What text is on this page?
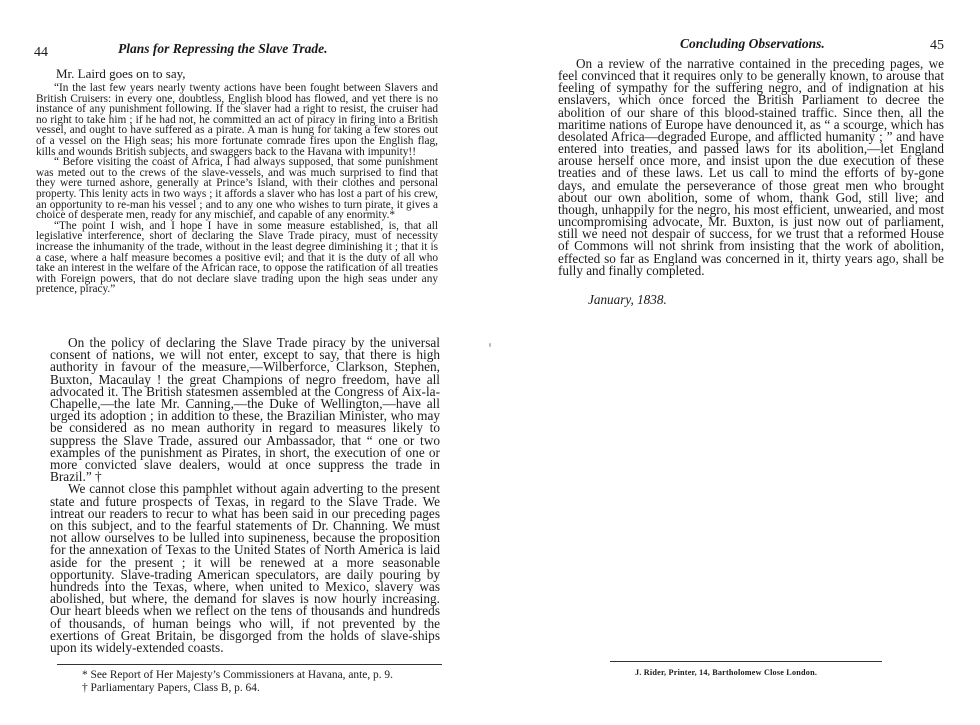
44	Plans for Repressing the Slave Trade.
Mr. Laird goes on to say,

“In the last few years nearly twenty actions have been fought between Slavers and British Cruisers: in every one, doubtless, English blood has flowed, and yet there is no instance of any punishment following. If the slaver had a right to resist, the cruiser had no right to take him ; if he had not, he committed an act of piracy in firing into a British vessel, and ought to have suffered as a pirate. A man is hung for taking a few stores out of a vessel on the High seas; his more fortunate comrade fires upon the English flag, kills and wounds British subjects, and swaggers back to the Havana with impunity!!

“ Before visiting the coast of Africa, I had always supposed, that some punishment was meted out to the crews of the slave-vessels, and was much surprised to find that they were turned ashore, generally at Prince’s Island, with their clothes and personal property. This lenity acts in two ways ; it affords a slaver who has lost a part of his crew, an opportunity to re-man his vessel ; and to any one who wishes to turn pirate, it gives a choice of desperate men, ready for any mischief, and capable of any enormity.*

“The point I wish, and I hope I have in some measure established, is, that all legislative interference, short of declaring the Slave Trade piracy, must of necessity increase the inhumanity of the trade, without in the least degree diminishing it ; that it is a case, where a half measure becomes a positive evil; and that it is the duty of all who take an interest in the welfare of the African race, to oppose the ratification of all treaties with Foreign powers, that do not declare slave trading upon the high seas under any pretence, piracy.”

On the policy of declaring the Slave Trade piracy by the universal consent of nations, we will not enter, except to say, that there is high authority in favour of the measure,—Wilberforce, Clarkson, Stephen, Buxton, Macaulay ! the great Champions of negro freedom, have all advocated it. The British statesmen assembled at the Congress of Aix-la-Chapelle,—the late Mr. Canning,—the Duke of Wellington,—have all urged its adoption ; in addition to these, the Brazilian Minister, who may be considered as no mean authority in regard to measures likely to suppress the Slave Trade, assured our Ambassador, that “ one or two examples of the punishment as Pirates, in short, the execution of one or more convicted slave dealers, would at once suppress the trade in Brazil.” †

We cannot close this pamphlet without again adverting to the present state and future prospects of Texas, in regard to the Slave Trade. We intreat our readers to recur to what has been said in our preceding pages on this subject, and to the fearful statements of Dr. Channing. We must not allow ourselves to be lulled into supineness, because the proposition for the annexation of Texas to the United States of North America is laid aside for the present ; it will be renewed at a more seasonable opportunity. Slave-trading American speculators, are daily pouring by hundreds into the Texas, where, when united to Mexico, slavery was abolished, but where, the demand for slaves is now hourly increasing. Our heart bleeds when we reflect on the tens of thousands and hundreds of thousands, of human beings who will, if not prevented by the exertions of Great Britain, be disgorged from the holds of slave-ships upon its widely-extended coasts.

* See Report of Her Majesty’s Commissioners at Havana, ante, p. 9.
† Parliamentary Papers, Class B, p. 64.
Concluding Observations.	45

On a review of the narrative contained in the preceding pages, we feel convinced that it requires only to be generally known, to arouse that feeling of sympathy for the suffering negro, and of indignation at his enslavers, which once forced the British Parliament to decree the abolition of our share of this blood-stained traffic. Since then, all the maritime nations of Europe have denounced it, as “ a scourge, which has desolated Africa—degraded Europe, and afflicted humanity ; ” and have entered into treaties, and passed laws for its abolition,—let England arouse herself once more, and insist upon the due execution of these treaties and of these laws. Let us call to mind the efforts of by-gone days, and emulate the perseverance of those great men who brought about our own abolition, some of whom, thank God, still live; and though, unhappily for the negro, his most efficient, unwearied, and most uncompromising advocate, Mr. Buxton, is just now out of parliament, still we need not despair of success, for we trust that a reformed House of Commons will not shrink from insisting that the work of abolition, effected so far as England was concerned in it, thirty years ago, shall be fully and finally completed.

January, 1838.
J. Rider, Printer, 14, Bartholomew Close London.
